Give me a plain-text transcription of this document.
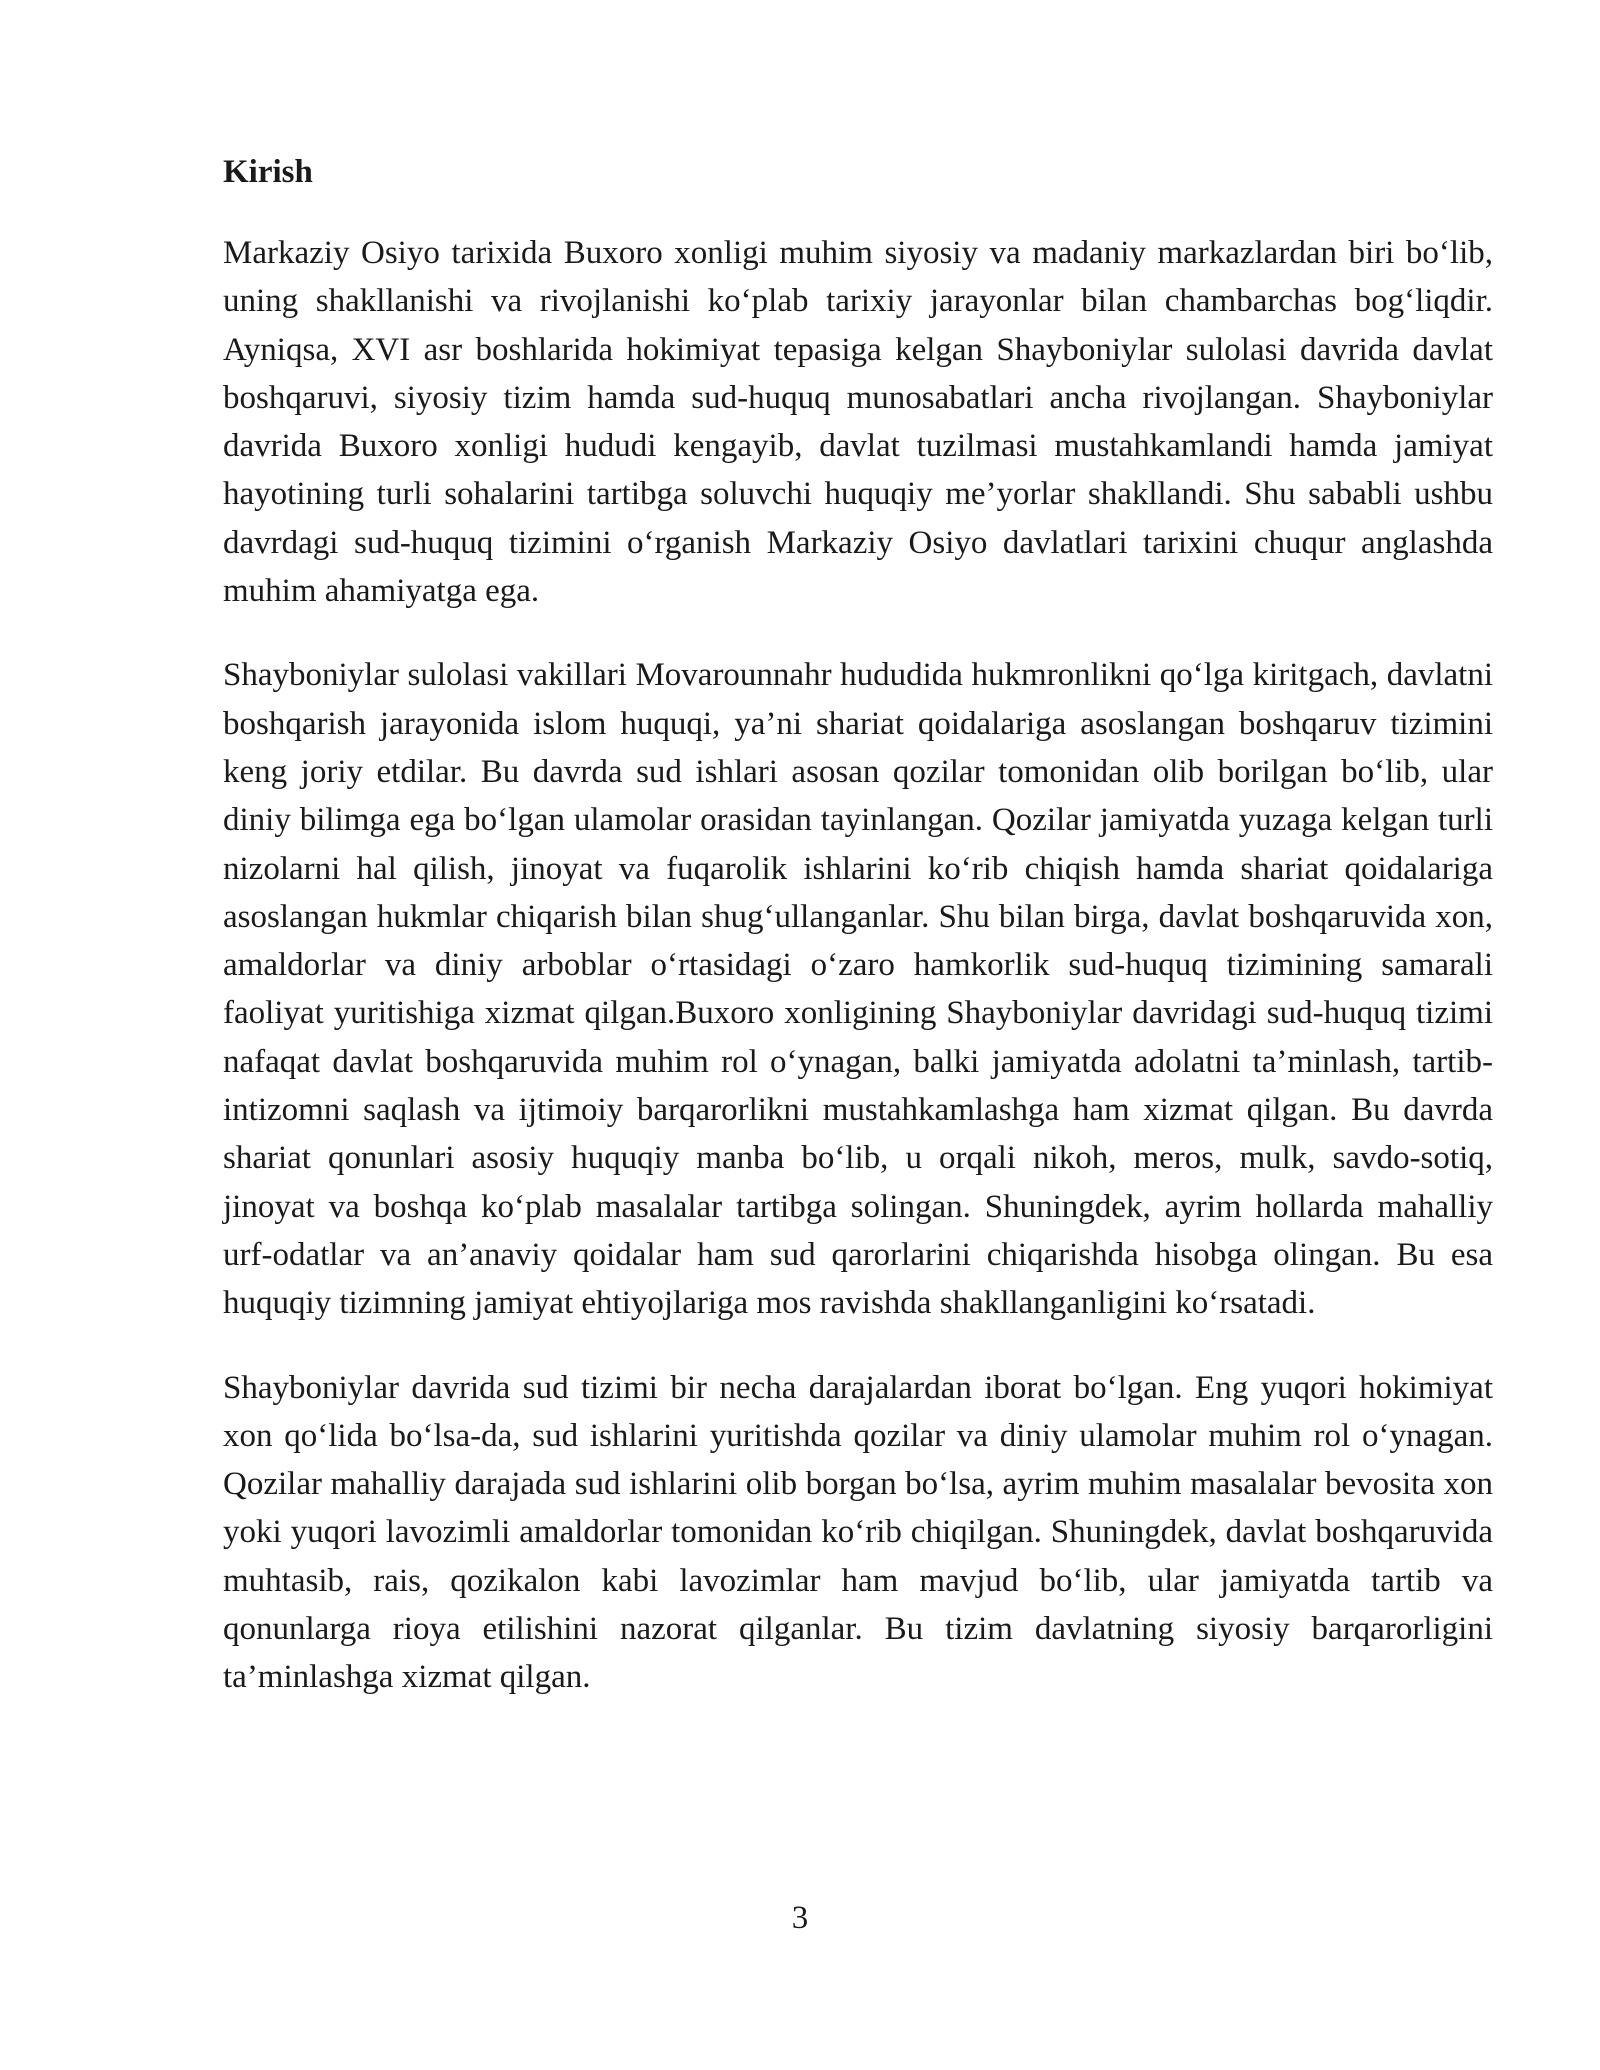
Kirish

Markaziy Osiyo tarixida Buxoro xonligi muhim siyosiy va madaniy markazlardan biri bo‘lib, uning shakllanishi va rivojlanishi ko‘plab tarixiy jarayonlar bilan chambarchas bog‘liqdir. Ayniqsa, XVI asr boshlarida hokimiyat tepasiga kelgan Shayboniylar sulolasi davrida davlat boshqaruvi, siyosiy tizim hamda sud-huquq munosabatlari ancha rivojlangan. Shayboniylar davrida Buxoro xonligi hududi kengayib, davlat tuzilmasi mustahkamlandi hamda jamiyat hayotining turli sohalarini tartibga soluvchi huquqiy me’yorlar shakllandi. Shu sababli ushbu davrdagi sud-huquq tizimini o‘rganish Markaziy Osiyo davlatlari tarixini chuqur anglashda muhim ahamiyatga ega.

Shayboniylar sulolasi vakillari Movarounnahr hududida hukmronlikni qo‘lga kiritgach, davlatni boshqarish jarayonida islom huquqi, ya’ni shariat qoidalariga asoslangan boshqaruv tizimini keng joriy etdilar. Bu davrda sud ishlari asosan qozilar tomonidan olib borilgan bo‘lib, ular diniy bilimga ega bo‘lgan ulamolar orasidan tayinlangan. Qozilar jamiyatda yuzaga kelgan turli nizolarni hal qilish, jinoyat va fuqarolik ishlarini ko‘rib chiqish hamda shariat qoidalariga asoslangan hukmlar chiqarish bilan shug‘ullanganlar. Shu bilan birga, davlat boshqaruvida xon, amaldorlar va diniy arboblar o‘rtasidagi o‘zaro hamkorlik sud-huquq tizimining samarali faoliyat yuritishiga xizmat qilgan.Buxoro xonligining Shayboniylar davridagi sud-huquq tizimi nafaqat davlat boshqaruvida muhim rol o‘ynagan, balki jamiyatda adolatni ta’minlash, tartib-intizomni saqlash va ijtimoiy barqarorlikni mustahkamlashga ham xizmat qilgan. Bu davrda shariat qonunlari asosiy huquqiy manba bo‘lib, u orqali nikoh, meros, mulk, savdo-sotiq, jinoyat va boshqa ko‘plab masalalar tartibga solingan. Shuningdek, ayrim hollarda mahalliy urf-odatlar va an’anaviy qoidalar ham sud qarorlarini chiqarishda hisobga olingan. Bu esa huquqiy tizimning jamiyat ehtiyojlariga mos ravishda shakllanganligini ko‘rsatadi.

Shayboniylar davrida sud tizimi bir necha darajalardan iborat bo‘lgan. Eng yuqori hokimiyat xon qo‘lida bo‘lsa-da, sud ishlarini yuritishda qozilar va diniy ulamolar muhim rol o‘ynagan. Qozilar mahalliy darajada sud ishlarini olib borgan bo‘lsa, ayrim muhim masalalar bevosita xon yoki yuqori lavozimli amaldorlar tomonidan ko‘rib chiqilgan. Shuningdek, davlat boshqaruvida muhtasib, rais, qozikalon kabi lavozimlar ham mavjud bo‘lib, ular jamiyatda tartib va qonunlarga rioya etilishini nazorat qilganlar. Bu tizim davlatning siyosiy barqarorligini ta’minlashga xizmat qilgan.

3
